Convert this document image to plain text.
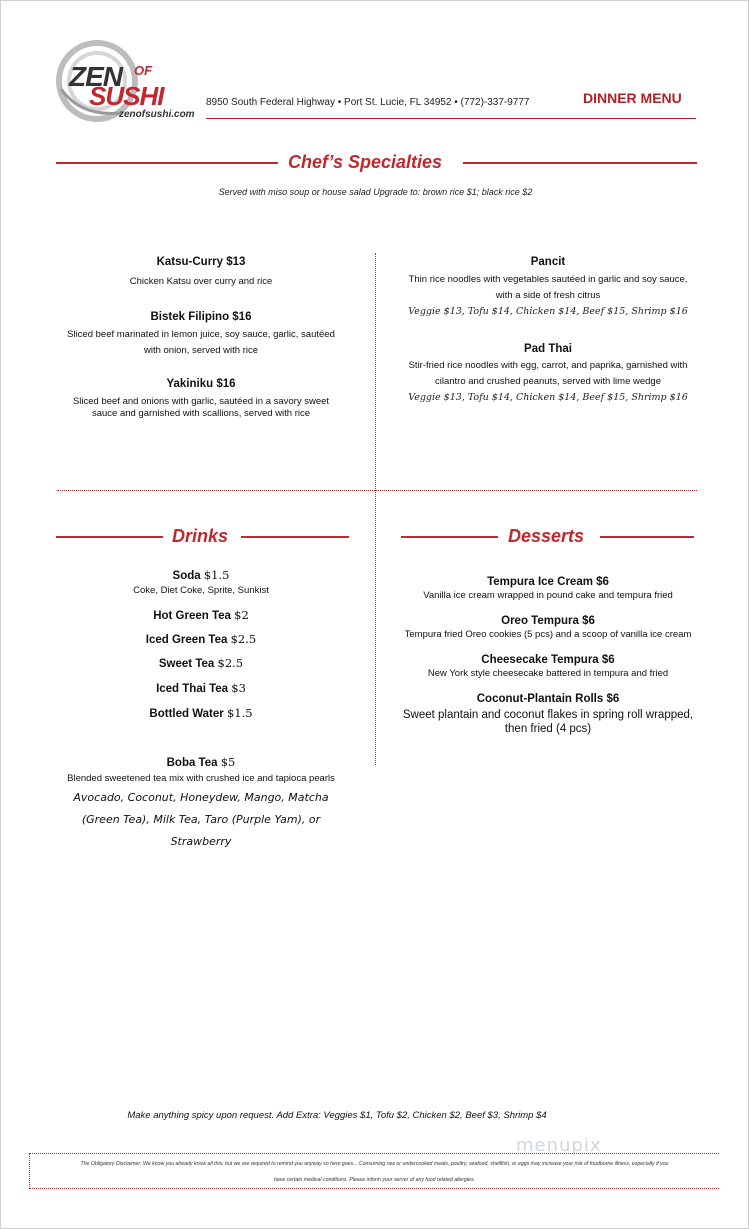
ZEN OF
SUSHI
zenofsushi.com
8950 South Federal Highway • Port St. Lucie, FL 34952 • (772)-337-9777	DINNER MENU
Chef’s Specialties
Served with miso soup or house salad Upgrade to: brown rice $1; black rice $2
Katsu-Curry $13
Chicken Katsu over curry and rice
Bistek Filipino $16
Sliced beef marinated in lemon juice, soy sauce, garlic, sautéed
with onion, served with rice
Yakiniku $16
Sliced beef and onions with garlic, sautéed in a savory sweet
sauce and garnished with scallions, served with rice
Pancit
Thin rice noodles with vegetables sautéed in garlic and soy sauce,
with a side of fresh citrus
Veggie $13, Tofu $14, Chicken $14, Beef $15, Shrimp $16
Pad Thai
Stir-fried rice noodles with egg, carrot, and paprika, garnished with
cilantro and crushed peanuts, served with lime wedge
Veggie $13, Tofu $14, Chicken $14, Beef $15, Shrimp $16
Drinks	Desserts
Soda $1.5
Coke, Diet Coke, Sprite, Sunkist
Hot Green Tea $2
Iced Green Tea $2.5
Sweet Tea $2.5
Iced Thai Tea $3
Bottled Water $1.5
Boba Tea $5
Blended sweetened tea mix with crushed ice and tapioca pearls
Avocado, Coconut, Honeydew, Mango, Matcha
(Green Tea), Milk Tea, Taro (Purple Yam), or
Strawberry
Tempura Ice Cream $6
Vanilla ice cream wrapped in pound cake and tempura fried
Oreo Tempura $6
Tempura fried Oreo cookies (5 pcs) and a scoop of vanilla ice cream
Cheesecake Tempura $6
New York style cheesecake battered in tempura and fried
Coconut-Plantain Rolls $6
Sweet plantain and coconut flakes in spring roll wrapped,
then fried (4 pcs)
Make anything spicy upon request. Add Extra: Veggies $1, Tofu $2, Chicken $2, Beef $3, Shrimp $4
menupix
The Obligatory Disclaimer: We know you already know all this, but we are required to remind you anyway so here goes... Consuming raw or undercooked meats, poultry, seafood, shellfish, or eggs may increase your risk of foodborne illness, especially if you
have certain medical conditions. Please inform your server of any food related allergies.
